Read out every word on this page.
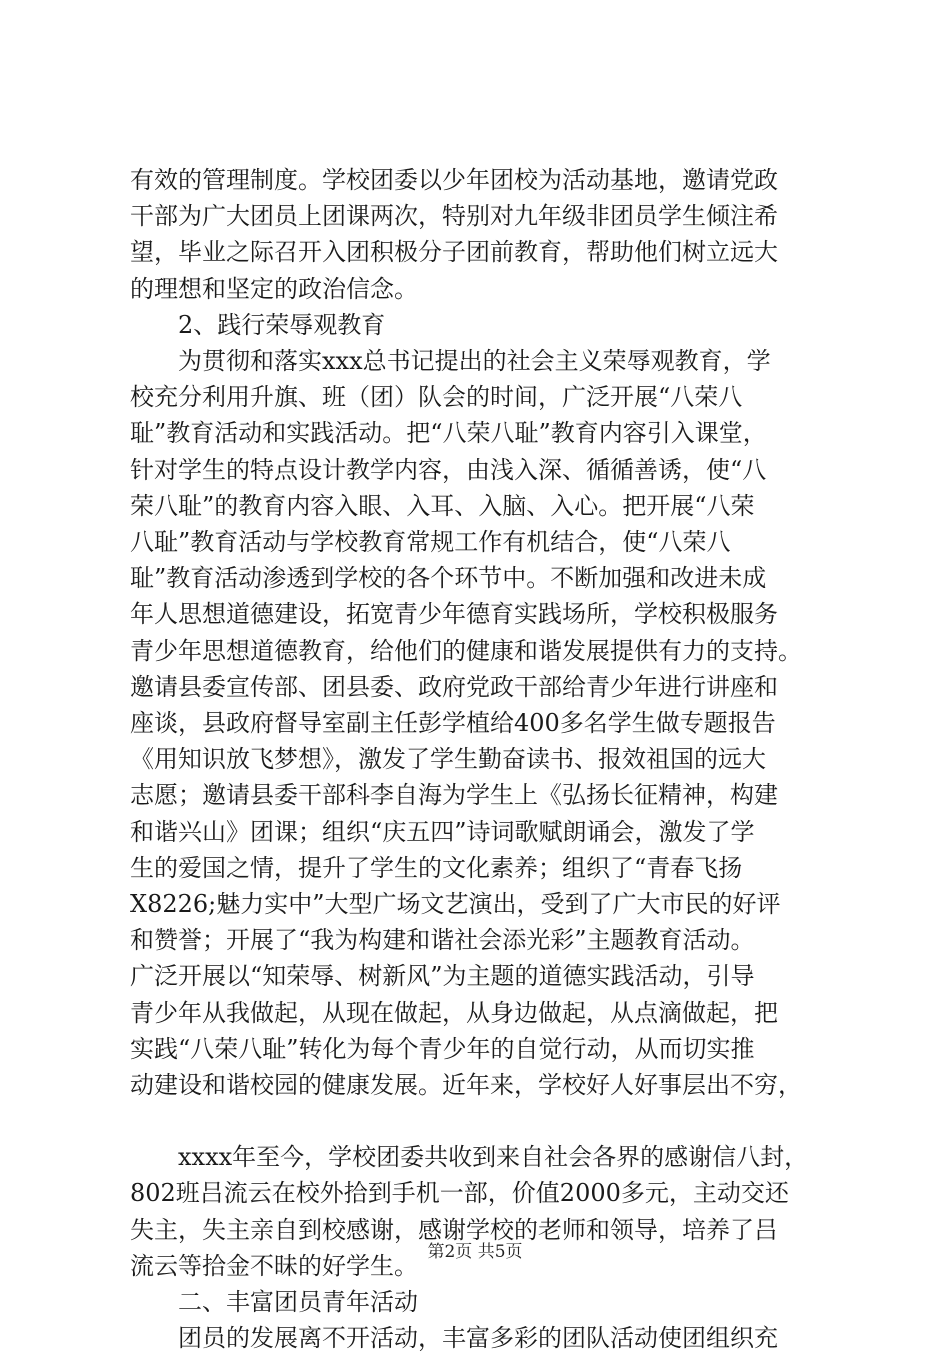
有效的管理制度。学校团委以少年团校为活动基地，邀请党政
干部为广大团员上团课两次，特别对九年级非团员学生倾注希
望，毕业之际召开入团积极分子团前教育，帮助他们树立远大
的理想和坚定的政治信念。
2、践行荣辱观教育
为贯彻和落实xxx总书记提出的社会主义荣辱观教育，学
校充分利用升旗、班（团）队会的时间，广泛开展“八荣八
耻”教育活动和实践活动。把“八荣八耻”教育内容引入课堂，
针对学生的特点设计教学内容，由浅入深、循循善诱，使“八
荣八耻”的教育内容入眼、入耳、入脑、入心。把开展“八荣
八耻”教育活动与学校教育常规工作有机结合，使“八荣八
耻”教育活动渗透到学校的各个环节中。不断加强和改进未成
年人思想道德建设，拓宽青少年德育实践场所，学校积极服务
青少年思想道德教育，给他们的健康和谐发展提供有力的支持。
邀请县委宣传部、团县委、政府党政干部给青少年进行讲座和
座谈，县政府督导室副主任彭学植给400多名学生做专题报告
《用知识放飞梦想》，激发了学生勤奋读书、报效祖国的远大
志愿；邀请县委干部科李自海为学生上《弘扬长征精神，构建
和谐兴山》团课；组织“庆五四”诗词歌赋朗诵会，激发了学
生的爱国之情，提升了学生的文化素养；组织了“青春飞扬
X8226;魅力实中”大型广场文艺演出，受到了广大市民的好评
和赞誉；开展了“我为构建和谐社会添光彩”主题教育活动。
广泛开展以“知荣辱、树新风”为主题的道德实践活动，引导
青少年从我做起，从现在做起，从身边做起，从点滴做起，把
实践“八荣八耻”转化为每个青少年的自觉行动，从而切实推
动建设和谐校园的健康发展。近年来，学校好人好事层出不穷，
xxxx年至今，学校团委共收到来自社会各界的感谢信八封，
802班吕流云在校外拾到手机一部，价值2000多元，主动交还
失主，失主亲自到校感谢，感谢学校的老师和领导，培养了吕
流云等拾金不昧的好学生。
二、丰富团员青年活动
团员的发展离不开活动，丰富多彩的团队活动使团组织充
第2页 共5页
